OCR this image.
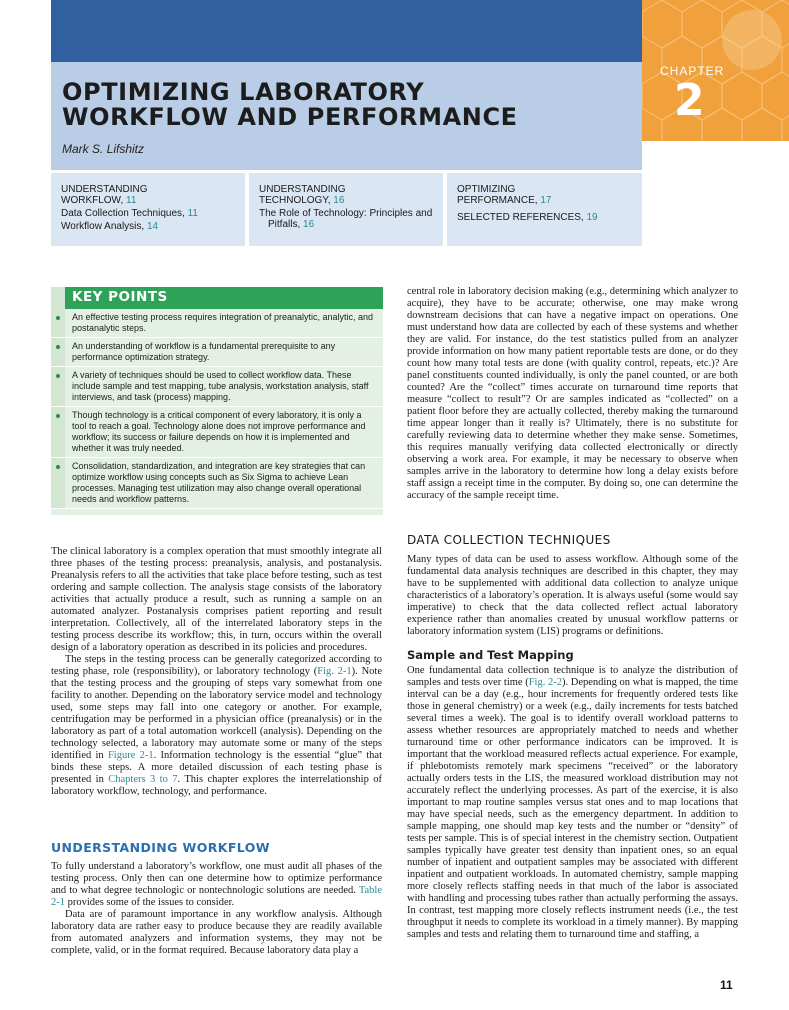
OPTIMIZING LABORATORY
WORKFLOW AND PERFORMANCE
Mark S. Lifshitz
CHAPTER
2
UNDERSTANDING
WORKFLOW, 11
Data Collection Techniques, 11
Workflow Analysis, 14
UNDERSTANDING
TECHNOLOGY, 16
The Role of Technology: Principles and Pitfalls, 16
OPTIMIZING
PERFORMANCE, 17
SELECTED REFERENCES, 19
KEY POINTS
An effective testing process requires integration of preanalytic, analytic, and postanalytic steps.
An understanding of workflow is a fundamental prerequisite to any performance optimization strategy.
A variety of techniques should be used to collect workflow data. These include sample and test mapping, tube analysis, workstation analysis, staff interviews, and task (process) mapping.
Though technology is a critical component of every laboratory, it is only a tool to reach a goal. Technology alone does not improve performance and workflow; its success or failure depends on how it is implemented and whether it was truly needed.
Consolidation, standardization, and integration are key strategies that can optimize workflow using concepts such as Six Sigma to achieve Lean processes. Managing test utilization may also change overall operational needs and workflow patterns.

The clinical laboratory is a complex operation that must smoothly integrate all three phases of the testing process: preanalysis, analysis, and postanalysis. Preanalysis refers to all the activities that take place before testing, such as test ordering and sample collection. The analysis stage consists of the laboratory activities that actually produce a result, such as running a sample on an automated analyzer. Postanalysis comprises patient reporting and result interpretation. Collectively, all of the interrelated laboratory steps in the testing process describe its workflow; this, in turn, occurs within the overall design of a laboratory operation as described in its policies and procedures.

The steps in the testing process can be generally categorized according to testing phase, role (responsibility), or laboratory technology (Fig. 2-1). Note that the testing process and the grouping of steps vary somewhat from one facility to another. Depending on the laboratory service model and technology used, some steps may fall into one category or another. For example, centrifugation may be performed in a physician office (preanalysis) or in the laboratory as part of a total automation workcell (analysis). Depending on the technology selected, a laboratory may automate some or many of the steps identified in Figure 2-1. Information technology is the essential “glue” that binds these steps. A more detailed discussion of each testing phase is presented in Chapters 3 to 7. This chapter explores the interrelationship of laboratory workflow, technology, and performance.

UNDERSTANDING WORKFLOW

To fully understand a laboratory’s workflow, one must audit all phases of the testing process. Only then can one determine how to optimize performance and to what degree technologic or nontechnologic solutions are needed. Table 2-1 provides some of the issues to consider.

Data are of paramount importance in any workflow analysis. Although laboratory data are rather easy to produce because they are readily available from automated analyzers and information systems, they may not be complete, valid, or in the format required. Because laboratory data play a

central role in laboratory decision making (e.g., determining which analyzer to acquire), they have to be accurate; otherwise, one may make wrong downstream decisions that can have a negative impact on operations. One must understand how data are collected by each of these systems and whether they are valid. For instance, do the test statistics pulled from an analyzer provide information on how many patient reportable tests are done, or do they count how many total tests are done (with quality control, repeats, etc.)? Are panel constituents counted individually, is only the panel counted, or are both counted? Are the “collect” times accurate on turnaround time reports that measure “collect to result”? Or are samples indicated as “collected” on a patient floor before they are actually collected, thereby making the turnaround time appear longer than it really is? Ultimately, there is no substitute for carefully reviewing data to determine whether they make sense. Sometimes, this requires manually verifying data collected electronically or directly observing a work area. For example, it may be necessary to observe when samples arrive in the laboratory to determine how long a delay exists before staff assign a receipt time in the computer. By doing so, one can determine the accuracy of the sample receipt time.

DATA COLLECTION TECHNIQUES

Many types of data can be used to assess workflow. Although some of the fundamental data analysis techniques are described in this chapter, they may have to be supplemented with additional data collection to analyze unique characteristics of a laboratory’s operation. It is always useful (some would say imperative) to check that the data collected reflect actual laboratory experience rather than anomalies created by unusual workflow patterns or laboratory information system (LIS) programs or definitions.

Sample and Test Mapping

One fundamental data collection technique is to analyze the distribution of samples and tests over time (Fig. 2-2). Depending on what is mapped, the time interval can be a day (e.g., hour increments for frequently ordered tests like those in general chemistry) or a week (e.g., daily increments for tests batched several times a week). The goal is to identify overall workload patterns to assess whether resources are appropriately matched to needs and whether turnaround time or other performance indicators can be improved. It is important that the workload measured reflects actual experience. For example, if phlebotomists remotely mark specimens “received” or the laboratory actually orders tests in the LIS, the measured workload distribution may not accurately reflect the underlying processes. As part of the exercise, it is also important to map routine samples versus stat ones and to map locations that may have special needs, such as the emergency department. In addition to sample mapping, one should map key tests and the number or “density” of tests per sample. This is of special interest in the chemistry section. Outpatient samples typically have greater test density than inpatient ones, so an equal number of inpatient and outpatient samples may be associated with different inpatient and outpatient workloads. In automated chemistry, sample mapping more closely reflects staffing needs in that much of the labor is associated with handling and processing tubes rather than actually performing the assays. In contrast, test mapping more closely reflects instrument needs (i.e., the test throughput it needs to complete its workload in a timely manner). By mapping samples and tests and relating them to turnaround time and staffing, a

11
